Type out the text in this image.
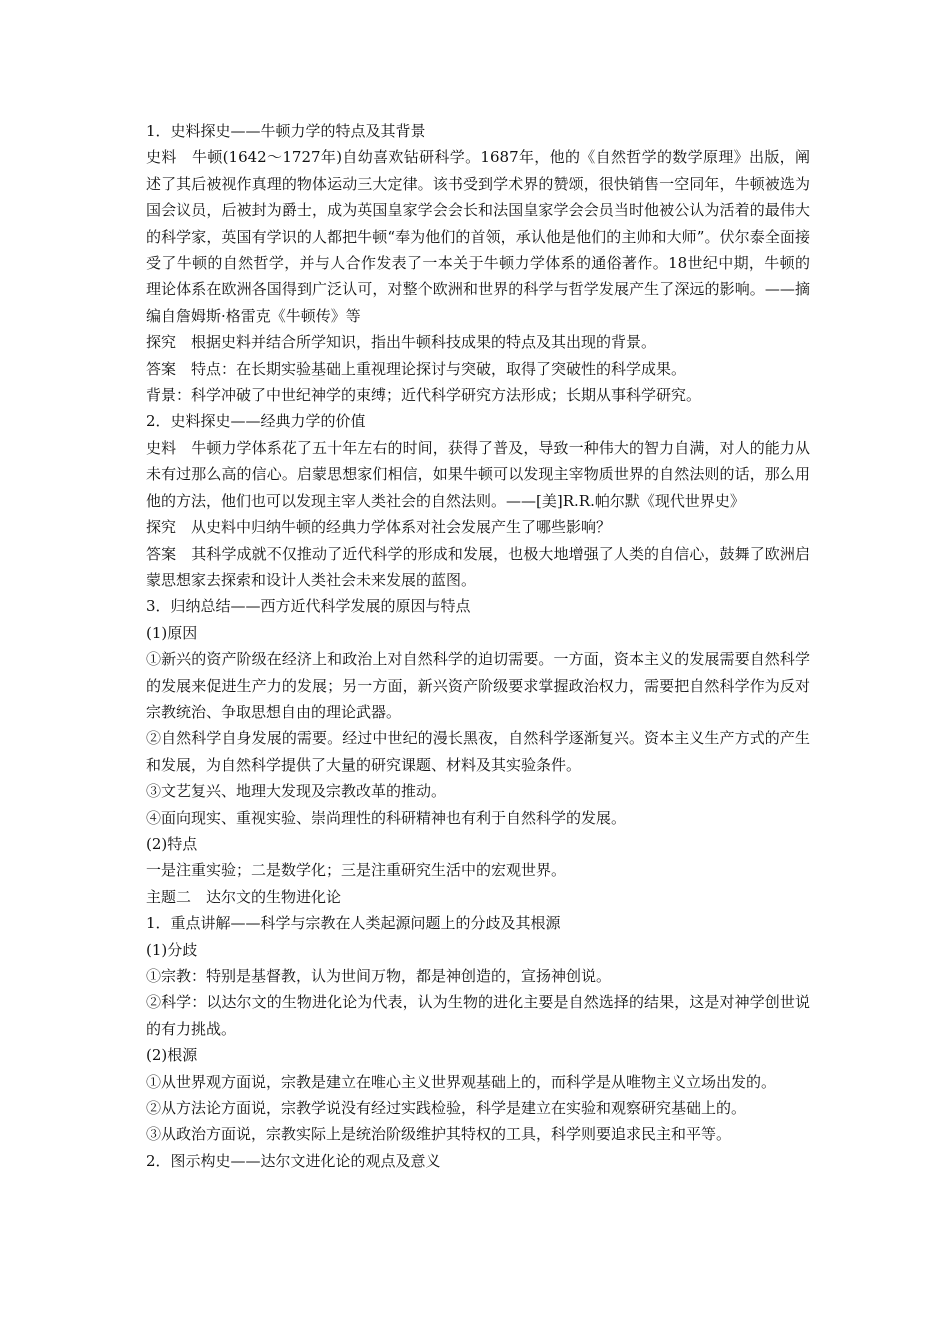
1．史料探史——牛顿力学的特点及其背景
史料　牛顿(1642～1727年)自幼喜欢钻研科学。1687年，他的《自然哲学的数学原理》出版，阐述了其后被视作真理的物体运动三大定律。该书受到学术界的赞颂，很快销售一空同年，牛顿被选为国会议员，后被封为爵士，成为英国皇家学会会长和法国皇家学会会员当时他被公认为活着的最伟大的科学家，英国有学识的人都把牛顿“奉为他们的首领，承认他是他们的主帅和大师”。伏尔泰全面接受了牛顿的自然哲学，并与人合作发表了一本关于牛顿力学体系的通俗著作。18世纪中期，牛顿的理论体系在欧洲各国得到广泛认可，对整个欧洲和世界的科学与哲学发展产生了深远的影响。——摘编自詹姆斯·格雷克《牛顿传》等
探究　根据史料并结合所学知识，指出牛顿科技成果的特点及其出现的背景。
答案　特点：在长期实验基础上重视理论探讨与突破，取得了突破性的科学成果。
背景：科学冲破了中世纪神学的束缚；近代科学研究方法形成；长期从事科学研究。
2．史料探史——经典力学的价值
史料　牛顿力学体系花了五十年左右的时间，获得了普及，导致一种伟大的智力自满，对人的能力从未有过那么高的信心。启蒙思想家们相信，如果牛顿可以发现主宰物质世界的自然法则的话，那么用他的方法，他们也可以发现主宰人类社会的自然法则。——[美]R.R.帕尔默《现代世界史》
探究　从史料中归纳牛顿的经典力学体系对社会发展产生了哪些影响？
答案　其科学成就不仅推动了近代科学的形成和发展，也极大地增强了人类的自信心，鼓舞了欧洲启蒙思想家去探索和设计人类社会未来发展的蓝图。
3．归纳总结——西方近代科学发展的原因与特点
(1)原因
①新兴的资产阶级在经济上和政治上对自然科学的迫切需要。一方面，资本主义的发展需要自然科学的发展来促进生产力的发展；另一方面，新兴资产阶级要求掌握政治权力，需要把自然科学作为反对宗教统治、争取思想自由的理论武器。
②自然科学自身发展的需要。经过中世纪的漫长黑夜，自然科学逐渐复兴。资本主义生产方式的产生和发展，为自然科学提供了大量的研究课题、材料及其实验条件。
③文艺复兴、地理大发现及宗教改革的推动。
④面向现实、重视实验、崇尚理性的科研精神也有利于自然科学的发展。
(2)特点
一是注重实验；二是数学化；三是注重研究生活中的宏观世界。
主题二　达尔文的生物进化论
1．重点讲解——科学与宗教在人类起源问题上的分歧及其根源
(1)分歧
①宗教：特别是基督教，认为世间万物，都是神创造的，宣扬神创说。
②科学：以达尔文的生物进化论为代表，认为生物的进化主要是自然选择的结果，这是对神学创世说的有力挑战。
(2)根源
①从世界观方面说，宗教是建立在唯心主义世界观基础上的，而科学是从唯物主义立场出发的。
②从方法论方面说，宗教学说没有经过实践检验，科学是建立在实验和观察研究基础上的。
③从政治方面说，宗教实际上是统治阶级维护其特权的工具，科学则要追求民主和平等。
2．图示构史——达尔文进化论的观点及意义
